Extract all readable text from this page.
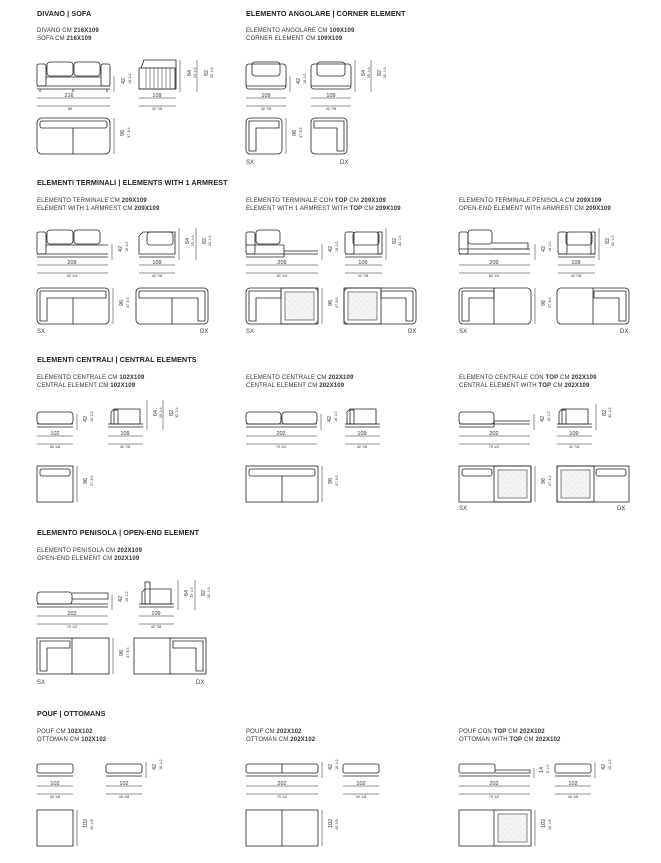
DIVANO | SOFA	ELEMENTO ANGOLARE | CORNER ELEMENT
ELEMENTI TERMINALI | ELEMENTS WITH 1 ARMREST
ELEMENTI CENTRALI | CENTRAL ELEMENTS
ELEMENTO PENISOLA | OPEN-END ELEMENT
POUF | OTTOMANS
DIVANO CM 216X109
SOFA CM 216X109
ELEMENTO ANGOLARE CM 109X109
CORNER ELEMENT CM 109X109
ELEMENTO TERMINALE CM 209X109
ELEMENT WITH 1 ARMREST CM 209X109
ELEMENTO TERMINALE CON TOP CM 209X109
ELEMENT WITH 1 ARMREST WITH TOP CM 209X109
ELEMENTO TERMINALE PENISOLA CM 209X109
OPEN-END ELEMENT WITH ARMREST CM 209X109
ELEMENTO CENTRALE CM 102X109
CENTRAL ELEMENT CM 102X109
ELEMENTO CENTRALE CM 202X109
CENTRAL ELEMENT CM 202X109
ELEMENTO CENTRALE CON TOP CM 202X109
CENTRAL ELEMENT WITH TOP CM 202X109
ELEMENTO PENISOLA CM 202X109
OPEN-END ELEMENT CM 202X109
POUF CM 102X102
OTTOMAN CM 102X102
POUF CM 202X102
OTTOMAN CM 202X102
POUF CON TOP CM 202X102
OTTOMAN WITH TOP CM 202X102
SX	DX
SX	DX	SX	DX	SX	DX
SX	DX
SX	DX
216
85
42 16 1/2
109
42 7/8
64 25 1/4 82 32 1/4
96 37 3/4
109
42 7/8
42 16 1/2
109
42 7/8
64 25 1/4 82 32 1/4
96 37 3/4
209
82 1/4
42 16 1/2
109
42 7/8
64 25 1/4 82 32 1/4
96 37 3/4
209
82 1/4
42 16 1/2
109
42 7/8
82 32 1/4
96 37 3/4
209
82 1/4
42 16 1/2
109
42 7/8
82 32 1/4
96 37 3/4
102
40 1/8
42 16 1/2
109
42 7/8
64 25 1/4 82 32 1/4
96 37 3/4
202
79 1/2
42 16 1/2
109
42 7/8
96 37 3/4
202
79 1/2
42 16 1/2
109
42 7/8
82 32 1/4
96 37 3/4
202
79 1/2
42 16 1/2
109
42 7/8
64 25 1/4 82 32 1/4
96 37 3/4
102
40 1/8
102
40 1/8
42 16 1/2
102 40 1/8
202
79 1/2
42 16 1/2
102
40 1/8
102 40 1/8
202
79 1/2
14 5 1/2
102
40 1/8
42 16 1/2
102 40 1/8
